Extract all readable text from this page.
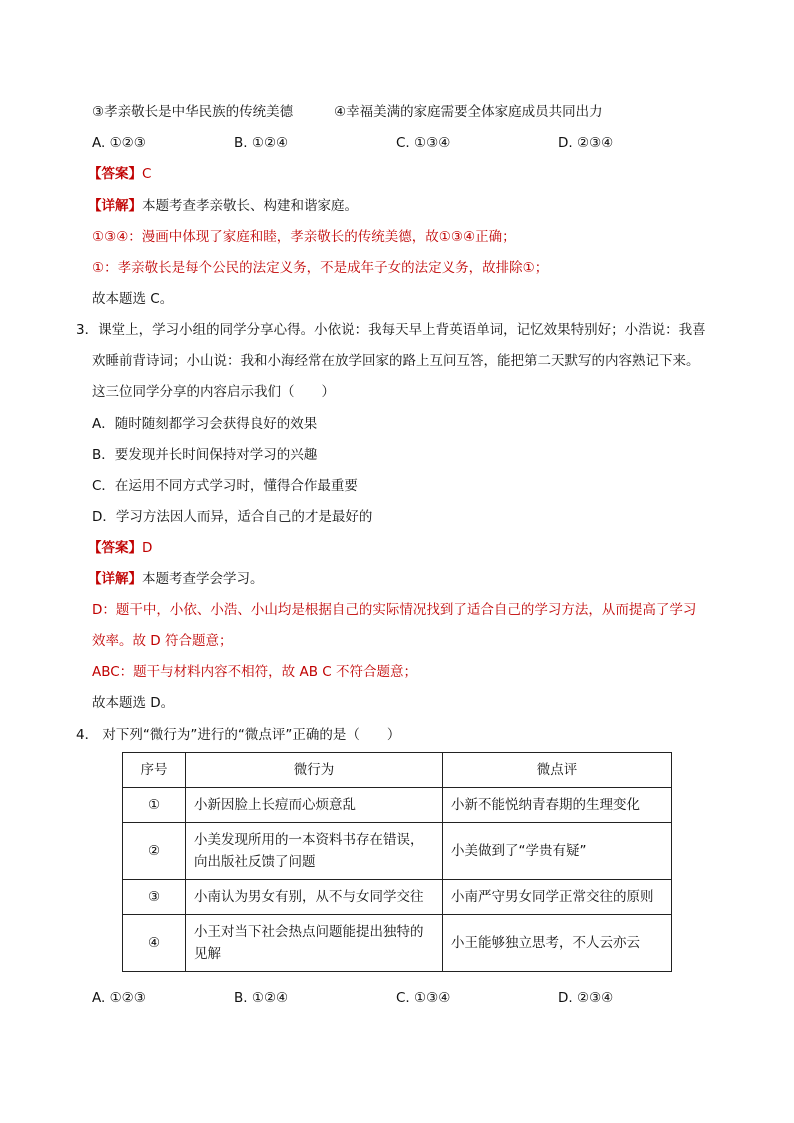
③孝亲敬长是中华民族的传统美德	④幸福美满的家庭需要全体家庭成员共同出力
A. ①②③	B. ①②④	C. ①③④	D. ②③④
【答案】C
【详解】本题考查孝亲敬长、构建和谐家庭。
①③④：漫画中体现了家庭和睦，孝亲敬长的传统美德，故①③④正确；
①：孝亲敬长是每个公民的法定义务，不是成年子女的法定义务，故排除①；
故本题选 C。
3．课堂上，学习小组的同学分享心得。小依说：我每天早上背英语单词，记忆效果特别好；小浩说：我喜
欢睡前背诗词；小山说：我和小海经常在放学回家的路上互问互答，能把第二天默写的内容熟记下来。
这三位同学分享的内容启示我们（　　）
A．随时随刻都学习会获得良好的效果
B．要发现并长时间保持对学习的兴趣
C．在运用不同方式学习时，懂得合作最重要
D．学习方法因人而异，适合自己的才是最好的
【答案】D
【详解】本题考查学会学习。
D：题干中，小依、小浩、小山均是根据自己的实际情况找到了适合自己的学习方法，从而提高了学习
效率。故 D 符合题意；
ABC：题干与材料内容不相符，故 AB C 不符合题意；
故本题选 D。
4． 对下列“微行为”进行的“微点评”正确的是（　　）
序号	微行为	微点评
①	小新因脸上长痘而心烦意乱	小新不能悦纳青春期的生理变化
②	小美发现所用的一本资料书存在错误，向出版社反馈了问题	小美做到了“学贵有疑”
③	小南认为男女有别，从不与女同学交往	小南严守男女同学正常交往的原则
④	小王对当下社会热点问题能提出独特的见解	小王能够独立思考，不人云亦云
A. ①②③	B. ①②④	C. ①③④	D. ②③④
